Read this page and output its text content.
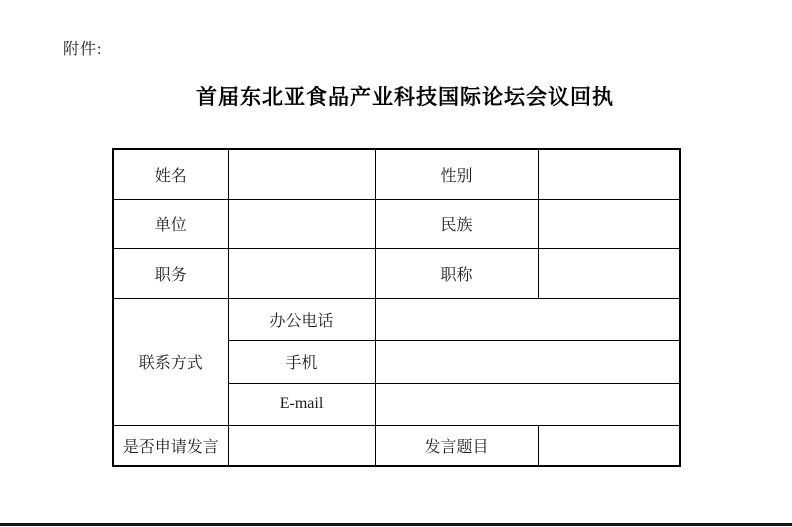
附件:
首届东北亚食品产业科技国际论坛会议回执
姓名		性别	
单位		民族	
职务		职称	
联系方式	办公电话		
	手机		
	E-mail		
是否申请发言		发言题目	
